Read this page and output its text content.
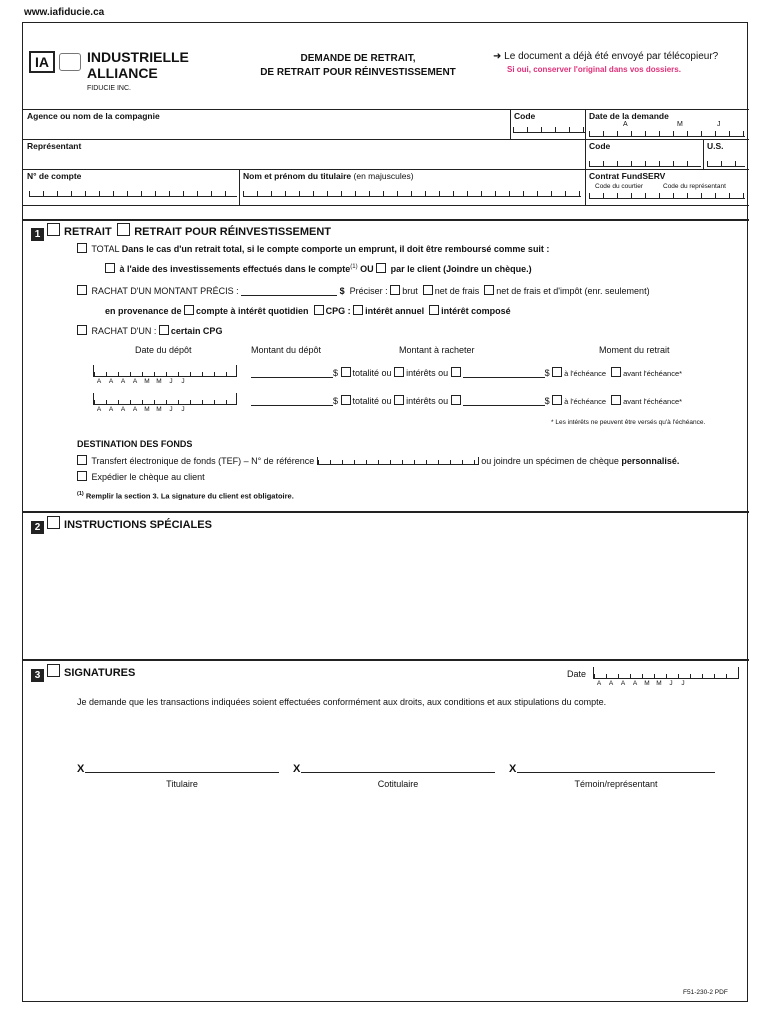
www.iafiducie.ca
IA	INDUSTRIELLE
ALLIANCE
FIDUCIE INC.
DEMANDE DE RETRAIT,
DE RETRAIT POUR RÉINVESTISSEMENT
➜ Le document a déjà été envoyé par télécopieur?
Si oui, conserver l'original dans vos dossiers.
Agence ou nom de la compagnie	Code	Date de la demande
A	M	J
Représentant	Code	U.S.
N° de compte	Nom et prénom du titulaire (en majuscules)	Contrat FundSERV
Code du courtier	Code du représentant
1 RETRAIT RETRAIT POUR RÉINVESTISSEMENT
TOTAL Dans le cas d'un retrait total, si le compte comporte un emprunt, il doit être remboursé comme suit :
à l'aide des investissements effectués dans le compte$^{(1)}$ OU par le client (Joindre un chèque.)
RACHAT D'UN MONTANT PRÉCIS :	$ Préciser : brut net de frais net de frais et d'impôt (enr. seulement)
en provenance de compte à intérêt quotidien CPG : intérêt annuel intérêt composé
RACHAT D'UN : certain CPG
Date du dépôt	Montant du dépôt	Montant à racheter	Moment du retrait
A A A A M M J J
$ totalité ou intérêts ou	$ à l'échéance avant l'échéance*
A A A A M M J J
$ totalité ou intérêts ou	$ à l'échéance avant l'échéance*
* Les intérêts ne peuvent être versés qu'à l'échéance.
DESTINATION DES FONDS
Transfert électronique de fonds (TEF) – N° de référence	ou joindre un spécimen de chèque personnalisé.
Expédier le chèque au client
$^{(1)}$ Remplir la section 3. La signature du client est obligatoire.
2 INSTRUCTIONS SPÉCIALES
3 SIGNATURES	Date
A A A A M M J J
Je demande que les transactions indiquées soient effectuées conformément aux droits, aux conditions et aux stipulations du compte.
X
Titulaire
X
Cotitulaire
X
Témoin/représentant
F51-230-2 PDF
